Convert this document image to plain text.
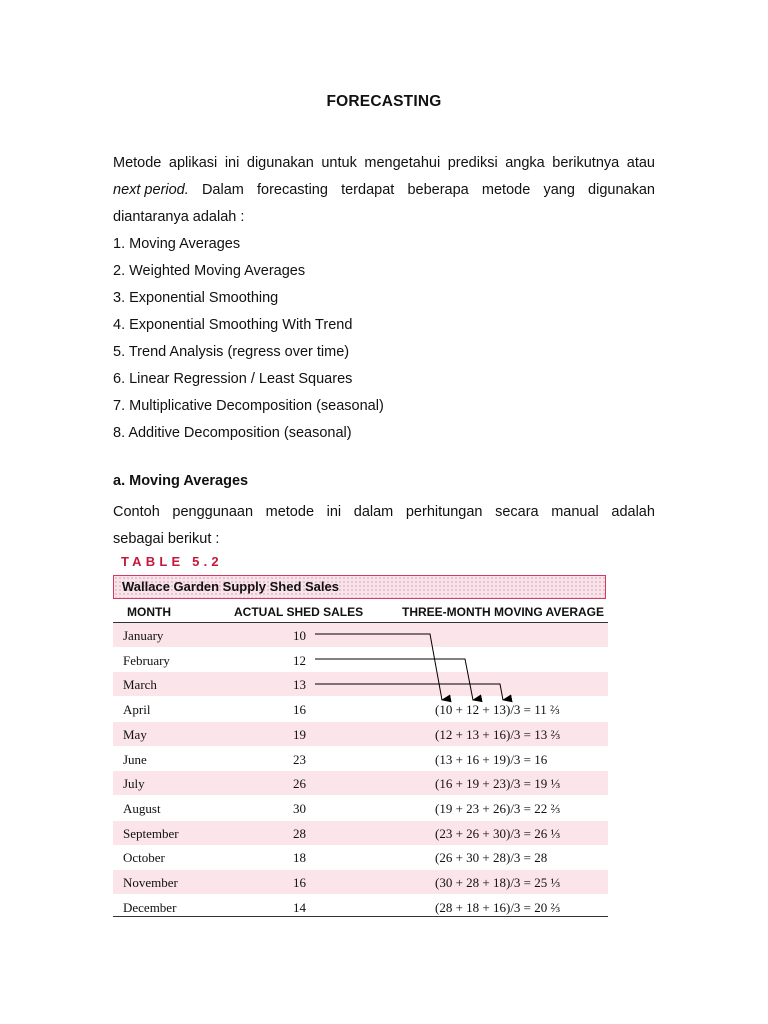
FORECASTING
Metode aplikasi ini digunakan untuk mengetahui prediksi angka berikutnya atau
next period. Dalam forecasting terdapat beberapa metode yang digunakan
diantaranya adalah :
1. Moving Averages
2. Weighted Moving Averages
3. Exponential Smoothing
4. Exponential Smoothing With Trend
5. Trend Analysis (regress over time)
6. Linear Regression / Least Squares
7. Multiplicative Decomposition (seasonal)
8. Additive Decomposition (seasonal)
a. Moving Averages
Contoh penggunaan metode ini dalam perhitungan secara manual adalah
sebagai berikut :
TABLE 5.2
Wallace Garden Supply Shed Sales
MONTH	ACTUAL SHED SALES	THREE-MONTH MOVING AVERAGE
January	10
February	12
March	13
April	16	(10 + 12 + 13)/3 = 11 ⅔
May	19	(12 + 13 + 16)/3 = 13 ⅔
June	23	(13 + 16 + 19)/3 = 16
July	26	(16 + 19 + 23)/3 = 19 ⅓
August	30	(19 + 23 + 26)/3 = 22 ⅔
September	28	(23 + 26 + 30)/3 = 26 ⅓
October	18	(26 + 30 + 28)/3 = 28
November	16	(30 + 28 + 18)/3 = 25 ⅓
December	14	(28 + 18 + 16)/3 = 20 ⅔
